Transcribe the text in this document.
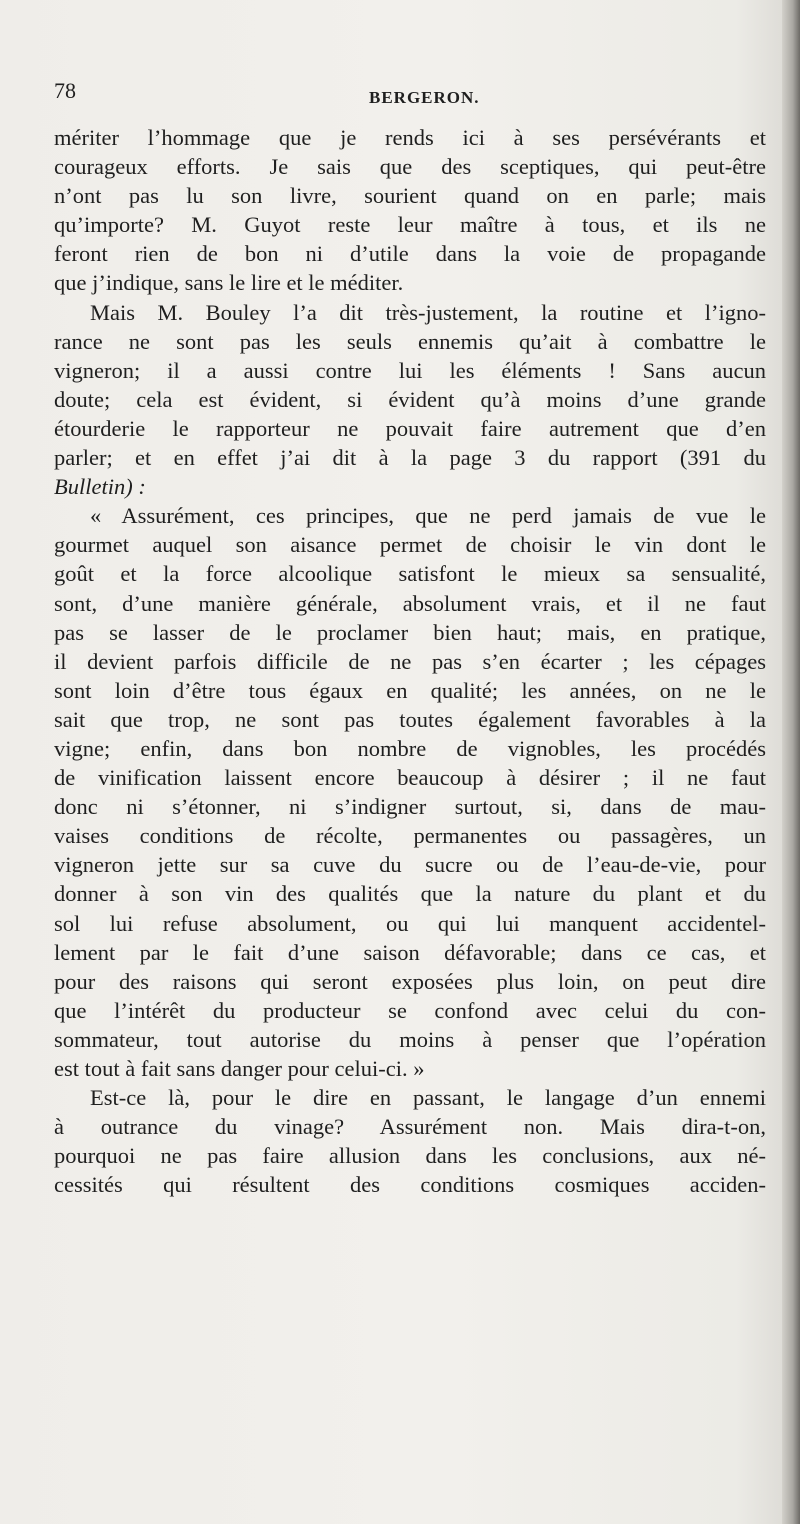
78	BERGERON.
mériter l’hommage que je rends ici à ses persévérants et
courageux efforts. Je sais que des sceptiques, qui peut-être
n’ont pas lu son livre, sourient quand on en parle; mais
qu’importe? M. Guyot reste leur maître à tous, et ils ne
feront rien de bon ni d’utile dans la voie de propagande
que j’indique, sans le lire et le méditer.
Mais M. Bouley l’a dit très-justement, la routine et l’igno-
rance ne sont pas les seuls ennemis qu’ait à combattre le
vigneron; il a aussi contre lui les éléments ! Sans aucun
doute; cela est évident, si évident qu’à moins d’une grande
étourderie le rapporteur ne pouvait faire autrement que d’en
parler; et en effet j’ai dit à la page 3 du rapport (391 du
Bulletin) :
« Assurément, ces principes, que ne perd jamais de vue le
gourmet auquel son aisance permet de choisir le vin dont le
goût et la force alcoolique satisfont le mieux sa sensualité,
sont, d’une manière générale, absolument vrais, et il ne faut
pas se lasser de le proclamer bien haut; mais, en pratique,
il devient parfois difficile de ne pas s’en écarter ; les cépages
sont loin d’être tous égaux en qualité; les années, on ne le
sait que trop, ne sont pas toutes également favorables à la
vigne; enfin, dans bon nombre de vignobles, les procédés
de vinification laissent encore beaucoup à désirer ; il ne faut
donc ni s’étonner, ni s’indigner surtout, si, dans de mau-
vaises conditions de récolte, permanentes ou passagères, un
vigneron jette sur sa cuve du sucre ou de l’eau-de-vie, pour
donner à son vin des qualités que la nature du plant et du
sol lui refuse absolument, ou qui lui manquent accidentel-
lement par le fait d’une saison défavorable; dans ce cas, et
pour des raisons qui seront exposées plus loin, on peut dire
que l’intérêt du producteur se confond avec celui du con-
sommateur, tout autorise du moins à penser que l’opération
est tout à fait sans danger pour celui-ci. »
Est-ce là, pour le dire en passant, le langage d’un ennemi
à outrance du vinage? Assurément non. Mais dira-t-on,
pourquoi ne pas faire allusion dans les conclusions, aux né-
cessités qui résultent des conditions cosmiques acciden-
